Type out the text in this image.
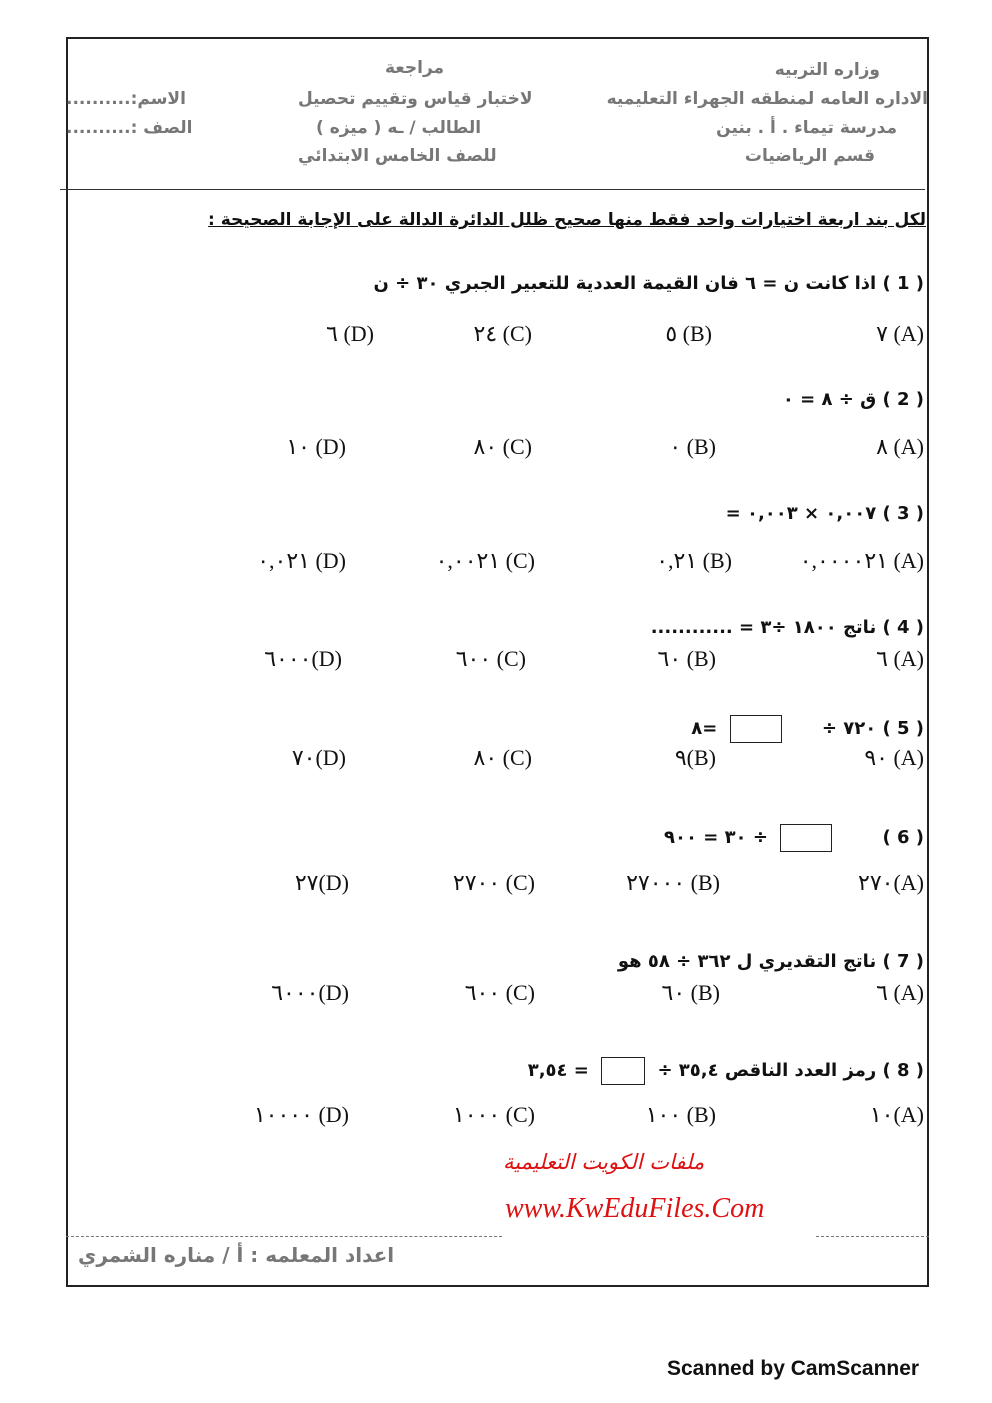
وزاره التربيه
الاداره العامه لمنطقه الجهراء التعليميه
مدرسة تيماء . أ . بنين
قسم الرياضيات
مراجعة
لاختبار قياس وتقييم تحصيل
الطالب / ـه ( ميزه )
للصف الخامس الابتدائي
الاسم:..........
الصف :..........
لكل بند اربعة اختيارات واحد فقط منها صحيح ظلل الدائرة الدالة على الإجابة الصحيحة :
( 1 ) اذا كانت ن = ٦ فان القيمة العددية للتعبير الجبري ٣٠ ÷ ن
٧ (A)
٥ (B)
٢٤ (C)
٦ (D)
( 2 ) ق ÷ ٨ = ٠
٨ (A)
٠ (B)
٨٠ (C)
١٠ (D)
( 3 ) ٠,٠٠٧ × ٠,٠٠٣ =
٠,٠٠٠٠٢١ (A)
٠,٢١ (B)
٠,٠٠٢١ (C)
٠,٠٢١ (D)
( 4 ) ناتج ١٨٠٠ ÷٣ = ............
٦ (A)
٦٠ (B)
٦٠٠ (C)
٦٠٠٠(D)
( 5 ) ٧٢٠ ÷  =٨
٩٠ (A)
٩(B)
٨٠ (C)
٧٠(D)
( 6 )  ÷ ٣٠ = ٩٠٠
٢٧٠(A)
٢٧٠٠٠ (B)
٢٧٠٠ (C)
٢٧(D)
( 7 ) ناتج التقديري ل ٣٦٢ ÷ ٥٨ هو
٦ (A)
٦٠ (B)
٦٠٠ (C)
٦٠٠٠(D)
( 8 ) رمز العدد الناقص ٣٥,٤ ÷  = ٣,٥٤
١٠(A)
١٠٠ (B)
١٠٠٠ (C)
١٠٠٠٠ (D)
ملفات الكويت التعليمية
www.KwEduFiles.Com
اعداد المعلمه : أ / مناره الشمري
Scanned by CamScanner
